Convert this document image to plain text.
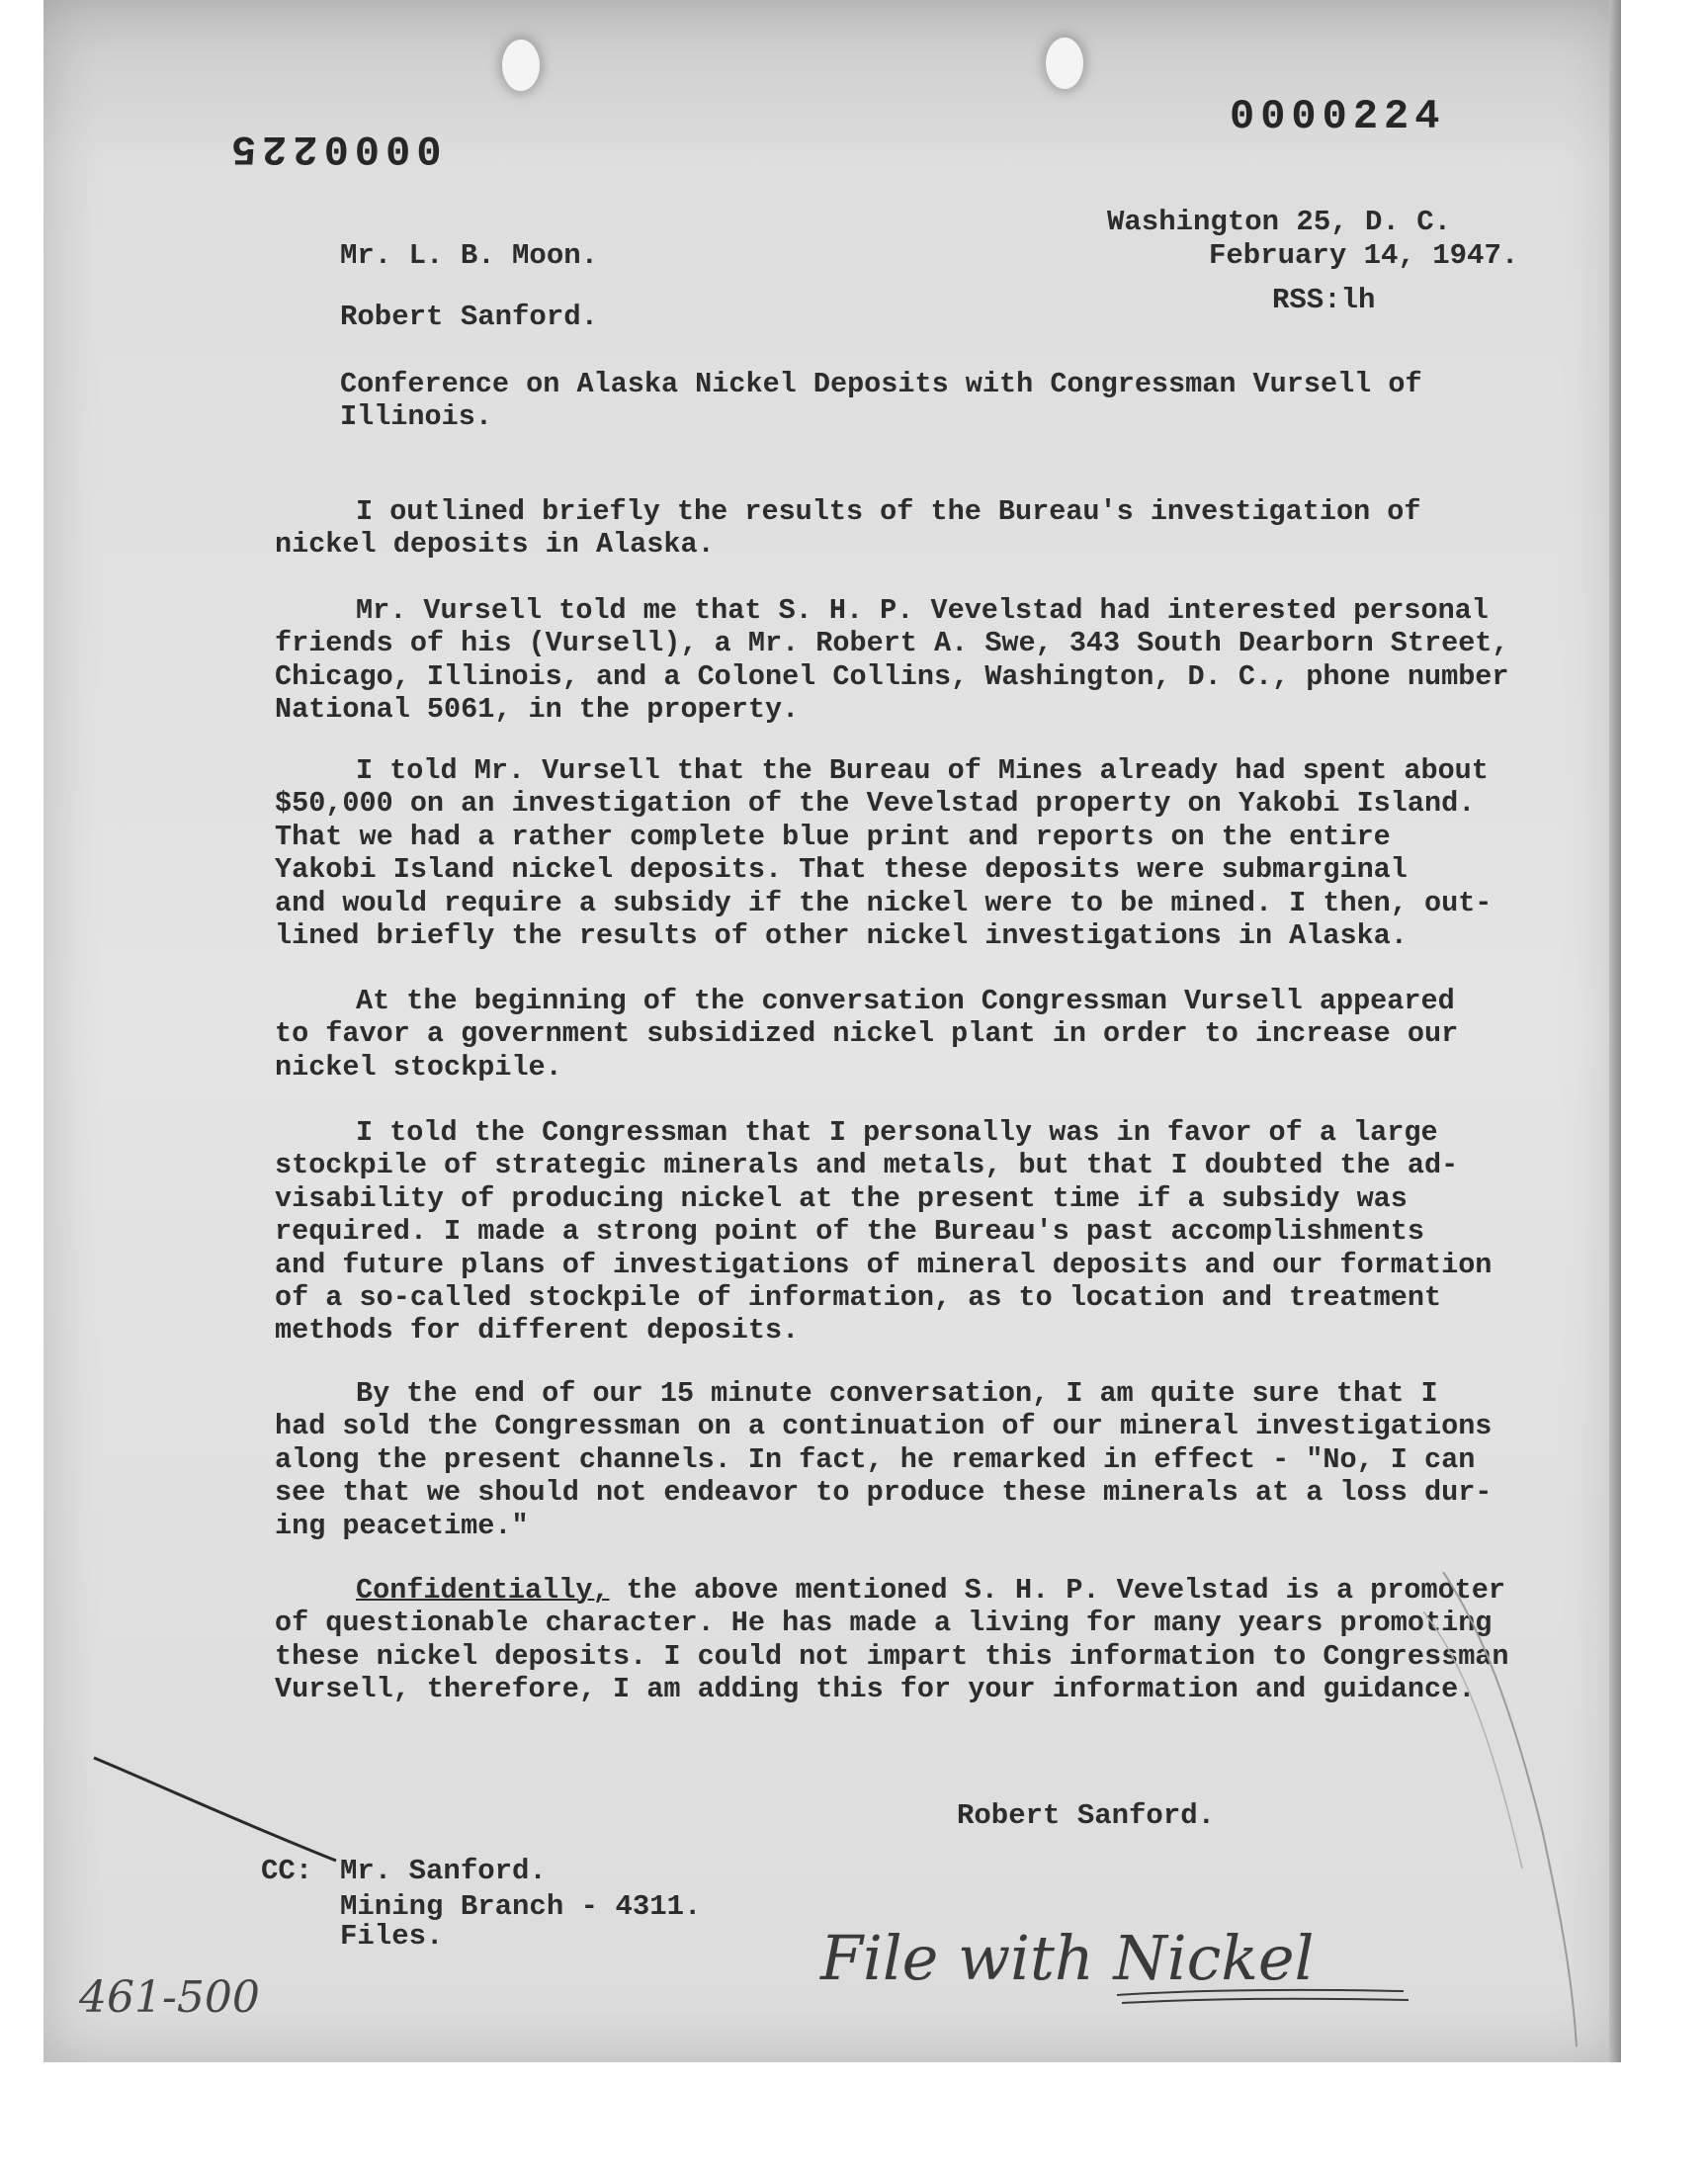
0000224

0000225

Washington 25, D. C.

February 14, 1947.

RSS:lh

Mr. L. B. Moon.

Robert Sanford.

Conference on Alaska Nickel Deposits with Congressman Vursell of
Illinois.

I outlined briefly the results of the Bureau's investigation of
nickel deposits in Alaska.

Mr. Vursell told me that S. H. P. Vevelstad had interested personal
friends of his (Vursell), a Mr. Robert A. Swe, 343 South Dearborn Street,
Chicago, Illinois, and a Colonel Collins, Washington, D. C., phone number
National 5061, in the property.

I told Mr. Vursell that the Bureau of Mines already had spent about
$50,000 on an investigation of the Vevelstad property on Yakobi Island.
That we had a rather complete blue print and reports on the entire
Yakobi Island nickel deposits. That these deposits were submarginal
and would require a subsidy if the nickel were to be mined. I then, out-
lined briefly the results of other nickel investigations in Alaska.

At the beginning of the conversation Congressman Vursell appeared
to favor a government subsidized nickel plant in order to increase our
nickel stockpile.

I told the Congressman that I personally was in favor of a large
stockpile of strategic minerals and metals, but that I doubted the ad-
visability of producing nickel at the present time if a subsidy was
required. I made a strong point of the Bureau's past accomplishments
and future plans of investigations of mineral deposits and our formation
of a so-called stockpile of information, as to location and treatment
methods for different deposits.

By the end of our 15 minute conversation, I am quite sure that I
had sold the Congressman on a continuation of our mineral investigations
along the present channels. In fact, he remarked in effect - "No, I can
see that we should not endeavor to produce these minerals at a loss dur-
ing peacetime."

Confidentially, the above mentioned S. H. P. Vevelstad is a promoter
of questionable character. He has made a living for many years promoting
these nickel deposits. I could not impart this information to Congressman
Vursell, therefore, I am adding this for your information and guidance.

Robert Sanford.

CC: Mr. Sanford.

Mining Branch - 4311.

Files.	File with Nickel
461-500
